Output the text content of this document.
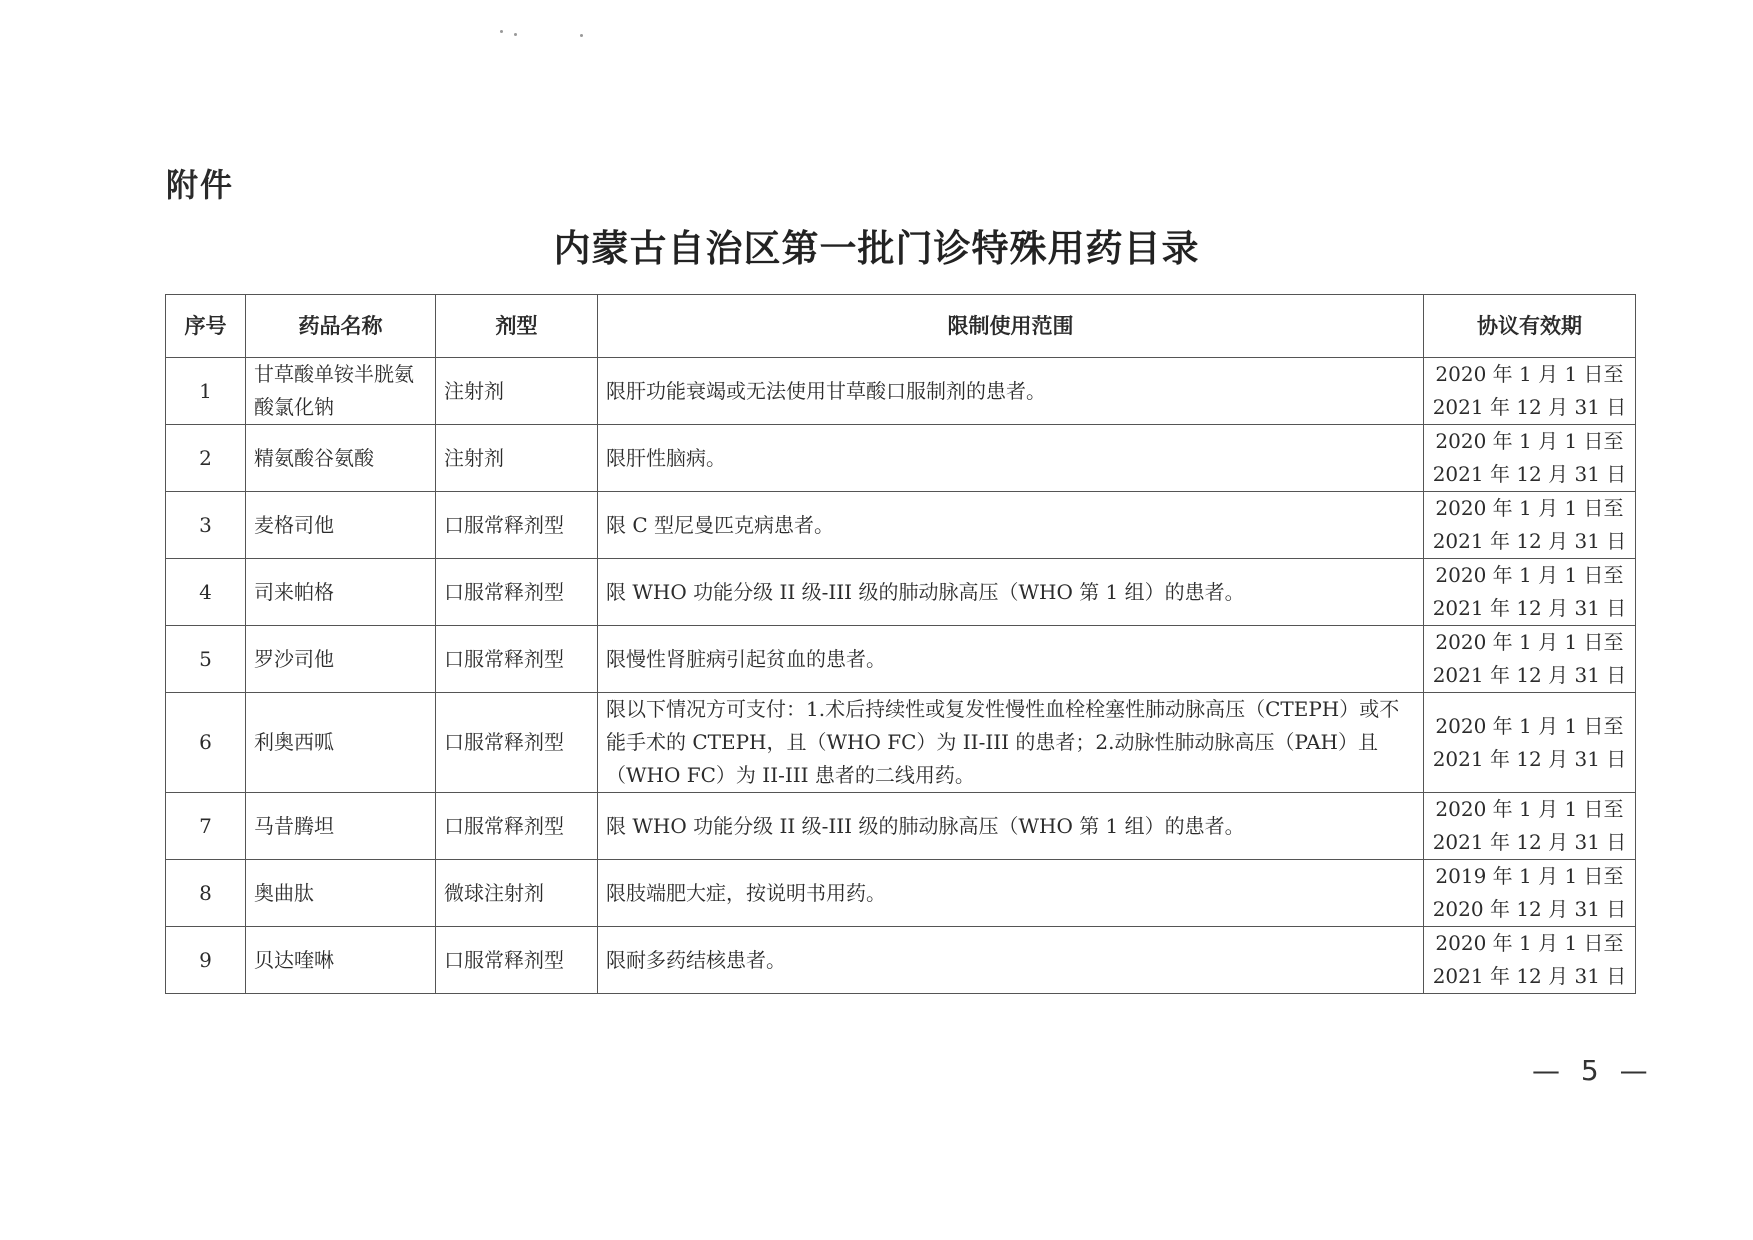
附件
内蒙古自治区第一批门诊特殊用药目录
序号	药品名称	剂型	限制使用范围	协议有效期
1	甘草酸单铵半胱氨酸氯化钠	注射剂	限肝功能衰竭或无法使用甘草酸口服制剂的患者。	2020 年 1 月 1 日至
2021 年 12 月 31 日

2	精氨酸谷氨酸	注射剂	限肝性脑病。	2020 年 1 月 1 日至
2021 年 12 月 31 日

3	麦格司他	口服常释剂型	限 C 型尼曼匹克病患者。	2020 年 1 月 1 日至
2021 年 12 月 31 日

4	司来帕格	口服常释剂型	限 WHO 功能分级 II 级-III 级的肺动脉高压（WHO 第 1 组）的患者。	2020 年 1 月 1 日至
2021 年 12 月 31 日

5	罗沙司他	口服常释剂型	限慢性肾脏病引起贫血的患者。	2020 年 1 月 1 日至
2021 年 12 月 31 日

6	利奥西呱	口服常释剂型	限以下情况方可支付：1.术后持续性或复发性慢性血栓栓塞性肺动脉高压（CTEPH）或不能手术的 CTEPH，且（WHO FC）为 II-III 的患者；2.动脉性肺动脉高压（PAH）且（WHO FC）为 II-III 患者的二线用药。	2020 年 1 月 1 日至
2021 年 12 月 31 日

7	马昔腾坦	口服常释剂型	限 WHO 功能分级 II 级-III 级的肺动脉高压（WHO 第 1 组）的患者。	2020 年 1 月 1 日至
2021 年 12 月 31 日

8	奥曲肽	微球注射剂	限肢端肥大症，按说明书用药。	2019 年 1 月 1 日至
2020 年 12 月 31 日

9	贝达喹啉	口服常释剂型	限耐多药结核患者。	2020 年 1 月 1 日至
2021 年 12 月 31 日
— 5 —
